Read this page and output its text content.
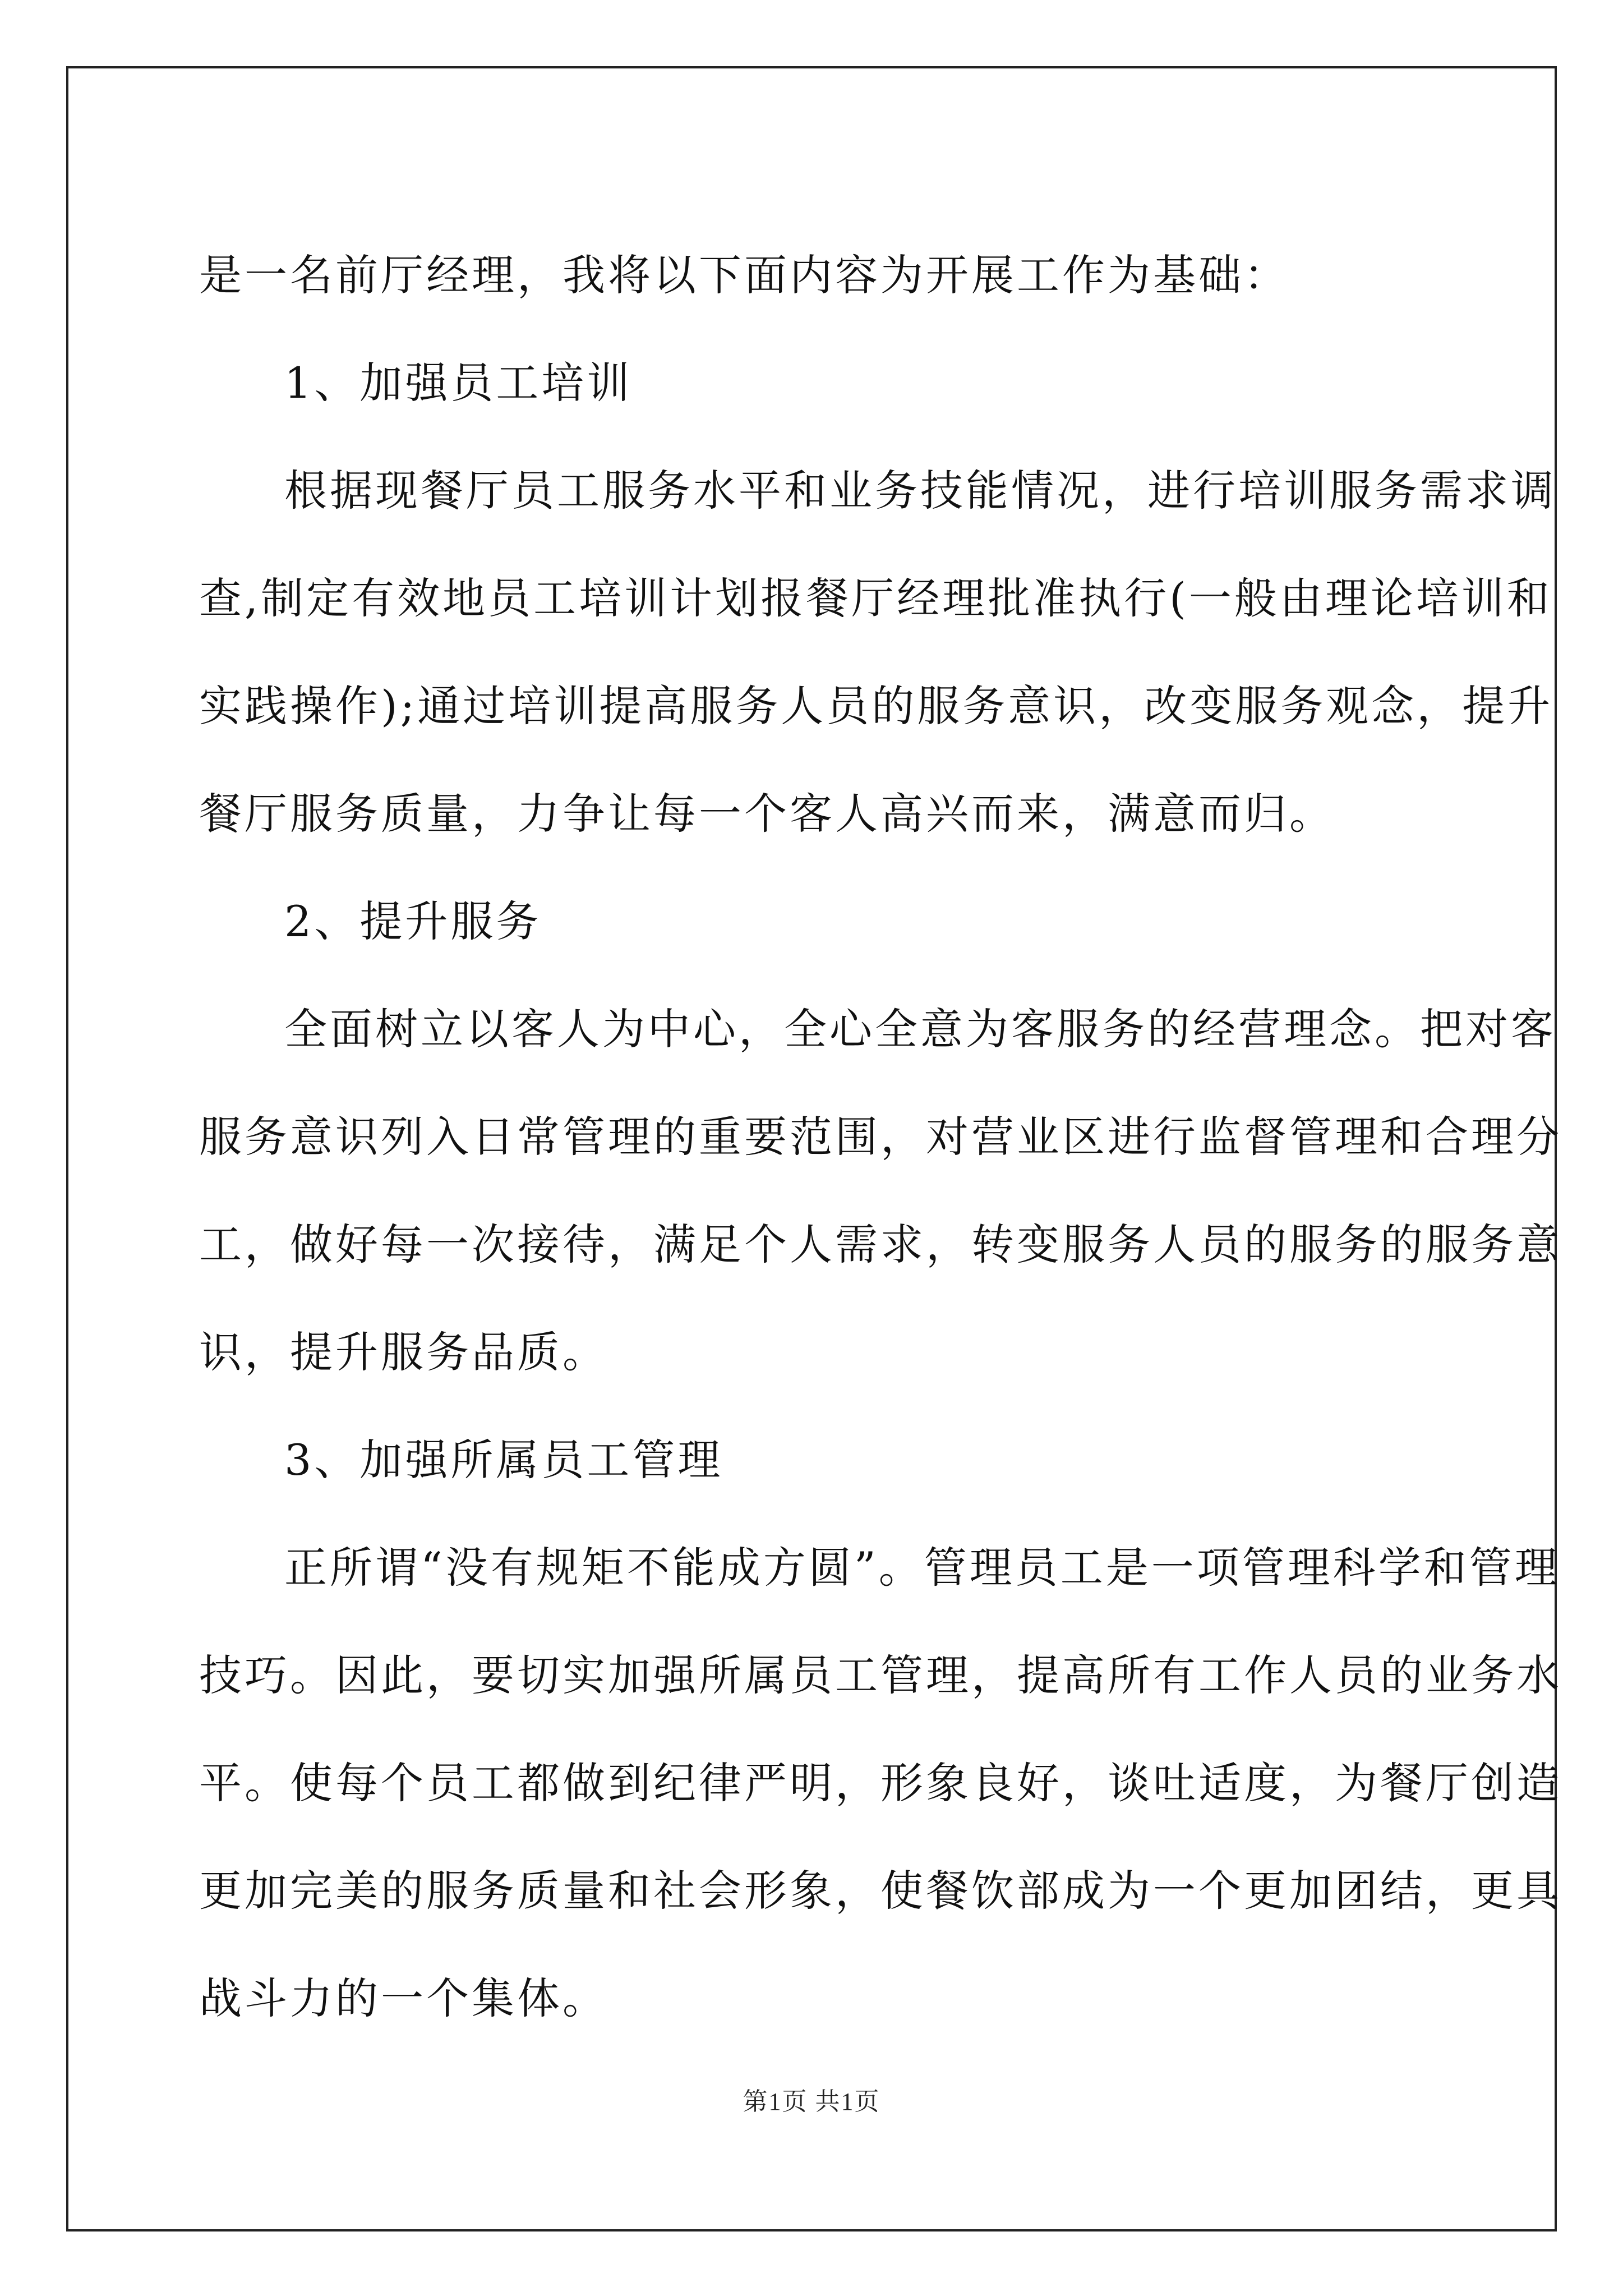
是一名前厅经理，我将以下面内容为开展工作为基础：

1、加强员工培训

根据现餐厅员工服务水平和业务技能情况，进行培训服务需求调

查,制定有效地员工培训计划报餐厅经理批准执行(一般由理论培训和

实践操作);通过培训提高服务人员的服务意识，改变服务观念，提升

餐厅服务质量，力争让每一个客人高兴而来，满意而归。

2、提升服务

全面树立以客人为中心，全心全意为客服务的经营理念。把对客

服务意识列入日常管理的重要范围，对营业区进行监督管理和合理分

工，做好每一次接待，满足个人需求，转变服务人员的服务的服务意

识，提升服务品质。

3、加强所属员工管理

正所谓“没有规矩不能成方圆”。管理员工是一项管理科学和管理

技巧。因此，要切实加强所属员工管理，提高所有工作人员的业务水

平。使每个员工都做到纪律严明，形象良好，谈吐适度，为餐厅创造

更加完美的服务质量和社会形象，使餐饮部成为一个更加团结，更具

战斗力的一个集体。

第1页 共1页
